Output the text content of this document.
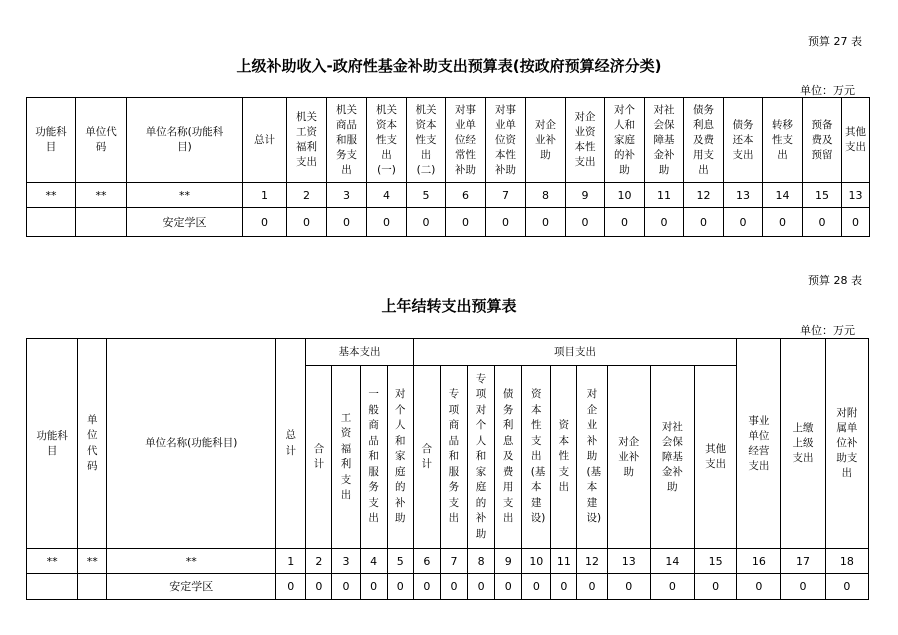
预算 27 表
上级补助收入-政府性基金补助支出预算表(按政府预算经济分类)
单位：万元
功能科目	单位代码	单位名称(功能科目)	总计	机关工资福利支出	机关商品和服务支出	机关资本性支出(一)	机关资本性支出(二)	对事业单位经常性补助	对事业单位资本性补助	对企业补助	对企业资本性支出	对个人和家庭的补助	对社会保障基金补助	债务利息及费用支出	债务还本支出	转移性支出	预备费及预留	其他支出
**	**	**	1	2	3	4	5	6	7	8	9	10	11	12	13	14	15	13
		安定学区	0	0	0	0	0	0	0	0	0	0	0	0	0	0	0	0
预算 28 表
上年结转支出预算表
单位：万元
功能科目	单位代码	单位名称(功能科目)	总计	基本支出				项目支出										事业单位经营支出	上缴上级支出	对附属单位补助支出
				合计	工资福利支出	一般商品和服务支出	对个人和家庭的补助	合计	专项商品和服务支出	专项对个人和家庭的补助	债务利息及费用支出	资本性支出(基本建设)	资本性支出	对企业补助(基本建设)	对企业补助	对社会保障基金补助	其他支出			
**	**	**	1	2	3	4	5	6	7	8	9	10	11	12	13	14	15	16	17	18
		安定学区	0	0	0	0	0	0	0	0	0	0	0	0	0	0	0	0	0	0
